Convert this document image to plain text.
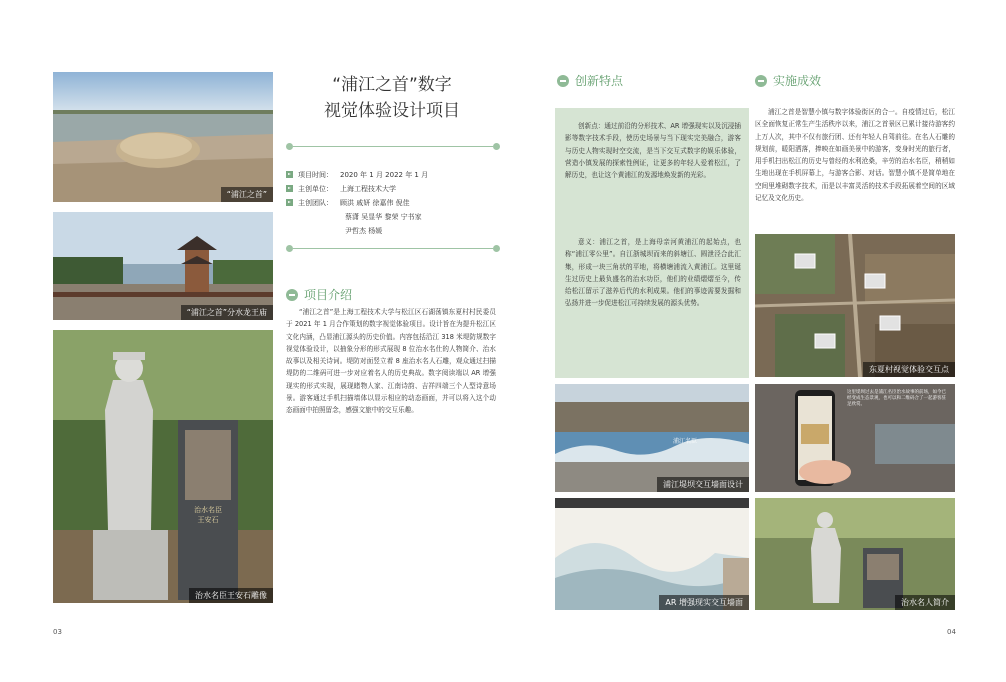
“浦江之首”
“浦江之首”分水龙王庙
治水名臣
王安石
治水名臣王安石雕像
“浦江之首”数字
视觉体验设计项目
项目时间：	2020 年 1 月 2022 年 1 月
主创单位：	上海工程技术大学
主创团队：	顾洪 戚妍 徐嘉伟 倪佳
蔡潇 吴显华 黎荣 宁书家
尹哲杰 杨媛
项目介绍
“浦江之首”是上海工程技术大学与松江区石湖荡镇东夏村村民委员于 2021 年 1 月合作策划的数字视觉体验项目。设计旨在为提升松江区文化内涵，凸显浦江源头的历史价值。内容包括沿江 318 米堤防规数字视觉体验设计，以抽象分形的形式展现 8 位治水名仕的人物简介、治水故事以及相关诗词。堤防对面竖立着 8 座治水名人石雕，观众通过扫描堤防的二维码可进一步对应着名人的历史典故。数字阅读端以 AR 增强现实的形式实现，展现睹物人家、江南诗韵、吉祥四端三个人型诗意场景。游客通过手机扫描墙体以显示相应的动态画面，并可以将入这个动态画面中拍照留念，感强文旅中的交互乐趣。
03
创新特点
创新点：通过前沿的分形技术、AR 增强现实以及沉浸插影等数字技术手段，使历史场景与当下现实完美融合，游客与历史人物实现时空交流，是当下交互式数字的娱乐体验，营造小镇发展的探索性例证，让更多的年轻人爱着松江，了解历史，也让这个黄浦江的发源地焕发新的光彩。
意义：浦江之首，是上海母亲河黄浦江的起始点，也称“浦江零公里”。自江浙城坝而来的斜塘江、圆泄泾合此汇集，形成一块三角状的平地，将横塘浦流入黄浦江。这里诞生过历史上最负盛名的治水功臣，他们的业绩熠熠至今，传给松江留示了滋养后代的水利成果。他们的事迹需要发掘和弘扬并进一步促进松江可持续发展的源头优势。
实施成效
浦江之首是智慧小镇与数字体验街区的合一。自疫情过后，松江区全面恢复正常生产生活秩序以来，浦江之首景区已累计接待游客约上万人次，其中不仅有旅行团、还有年轻人自驾前往。在名人石雕的规划前，暖阳洒落，捧映在如画美景中的游客，变身时光的旅行者，用手机扫出松江的历史与曾经的水利沧桑，辛劳的治水名臣，稍稍如生地出现在手机屏幕上，与游客合影、对话。智慧小镇不是简单地在空间里堆砌数字技术，而是以丰富灵活的技术手段拓展着空间的区域记忆及文化历史。
东夏村视觉体验交互点
浦江名臣
浦江堤坝交互墙面设计
这里堤坝过去是浦江名臣治水故事的前场，如今已经变成生态景观，也可以和二维码合了一起游客驻足欣赏。
AR 增强现实交互墙面	治水名人简介
04
